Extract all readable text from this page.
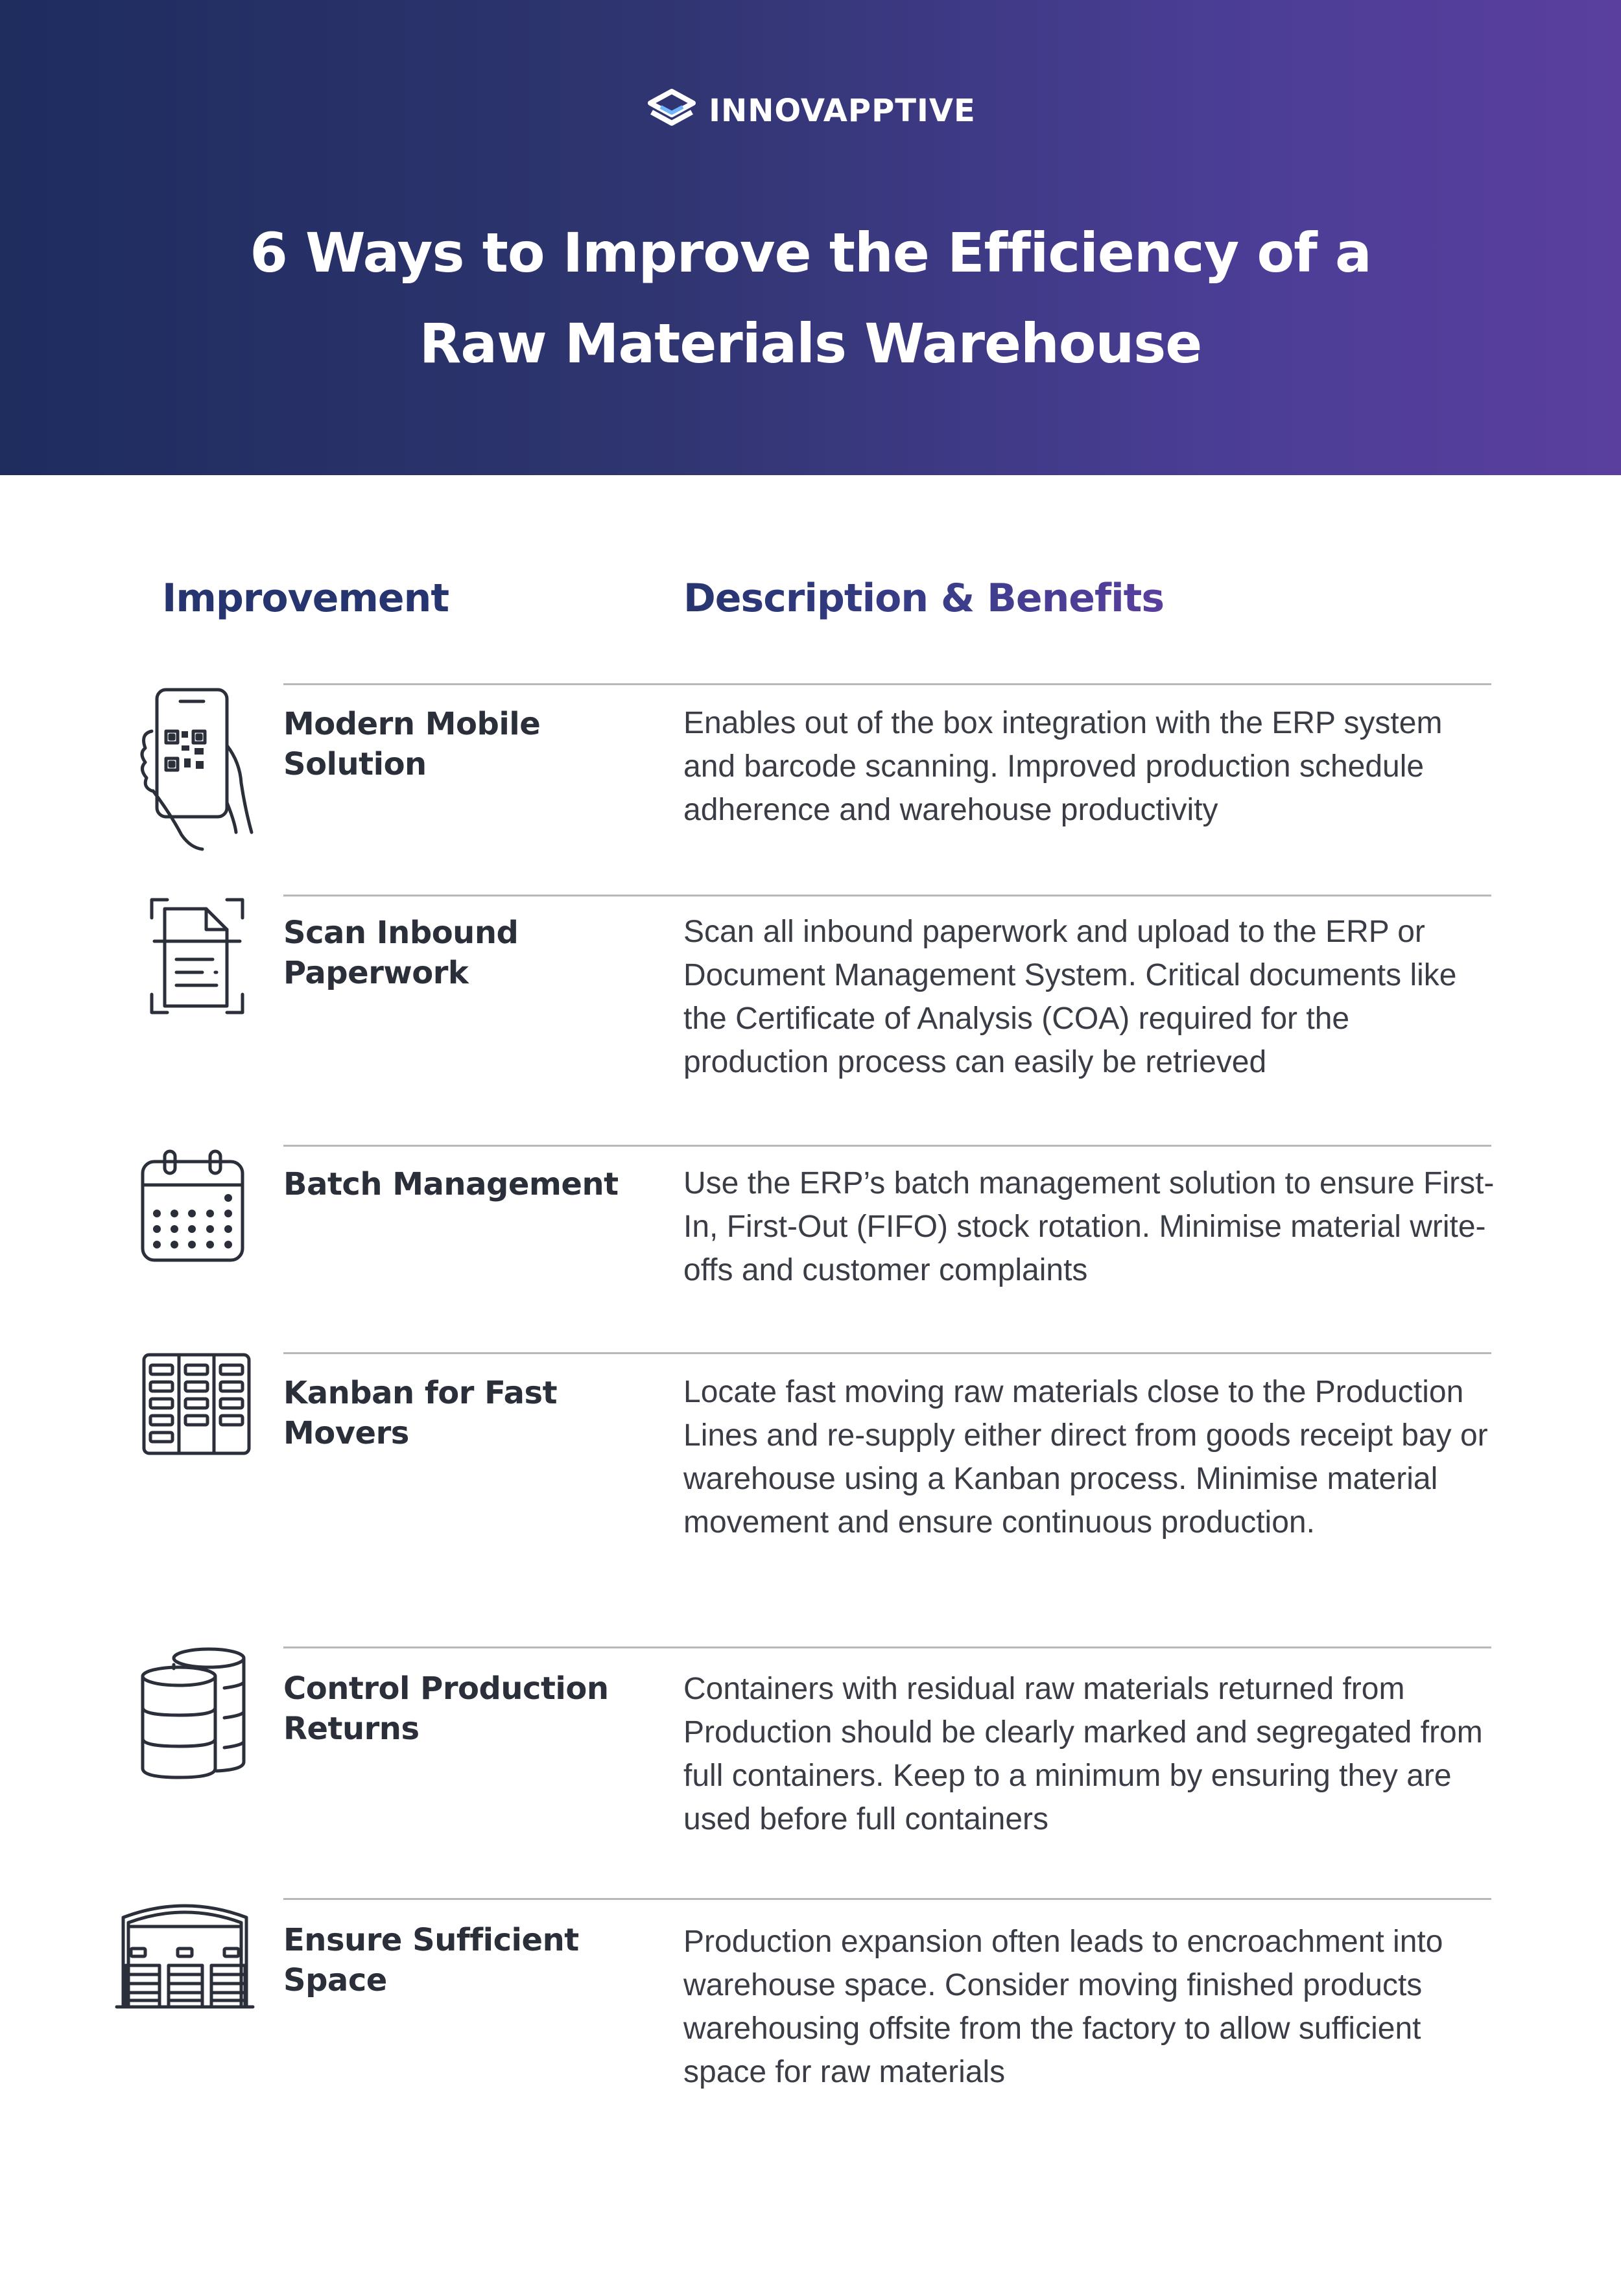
INNOVAPPTIVE
6 Ways to Improve the Efficiency of a
Raw Materials Warehouse
Improvement	Description & Benefits
Modern Mobile Solution
Enables out of the box integration with the ERP system and barcode scanning. Improved production schedule adherence and warehouse productivity
Scan Inbound Paperwork
Scan all inbound paperwork and upload to the ERP or Document Management System. Critical documents like the Certificate of Analysis (COA) required for the production process can easily be retrieved
Batch Management	Use the ERP’s batch management solution to ensure First-In, First-Out (FIFO) stock rotation. Minimise material write-offs and customer complaints
Kanban for Fast Movers
Locate fast moving raw materials close to the Production Lines and re-supply either direct from goods receipt bay or warehouse using a Kanban process. Minimise material movement and ensure continuous production.
Control Production Returns
Containers with residual raw materials returned from Production should be clearly marked and segregated from full containers. Keep to a minimum by ensuring they are used before full containers
Ensure Sufficient Space
Production expansion often leads to encroachment into warehouse space. Consider moving finished products warehousing offsite from the factory to allow sufficient space for raw materials
